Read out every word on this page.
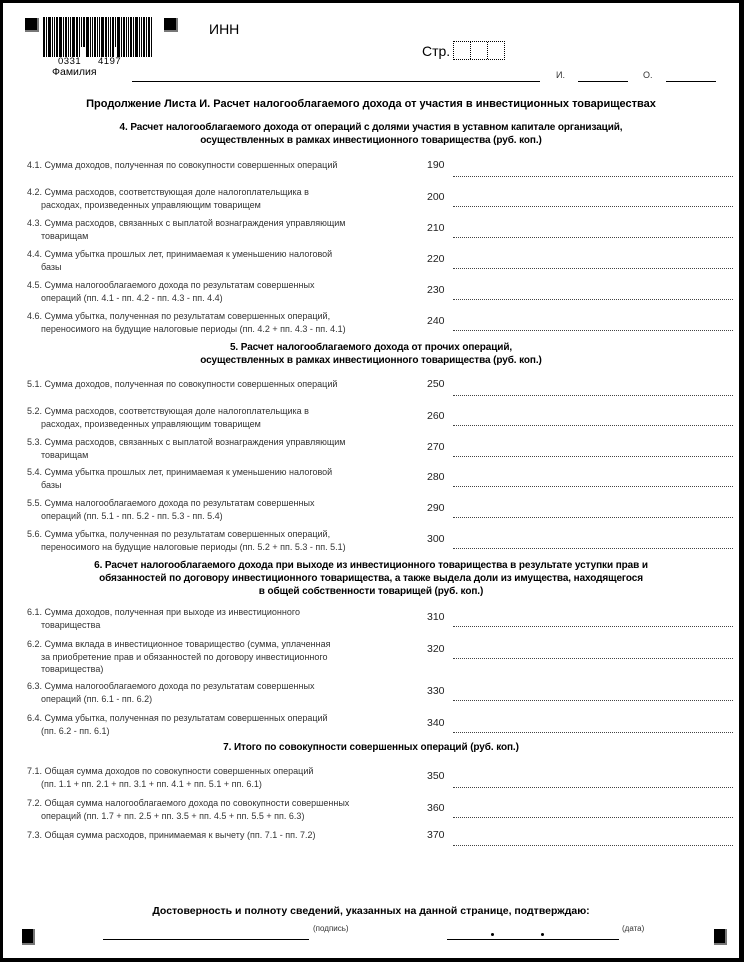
0331 4197
ИНН
Стр.
Фамилия	И.	О.
Продолжение Листа И. Расчет налогооблагаемого дохода от участия в инвестиционных товариществах
4. Расчет налогооблагаемого дохода от операций с долями участия в уставном капитале организаций,
осуществленных в рамках инвестиционного товарищества (руб. коп.)
4.1. Сумма доходов, полученная по совокупности совершенных операций	190
4.2. Сумма расходов, соответствующая доле налогоплательщика в
расходах, произведенных управляющим товарищем
200
4.3. Сумма расходов, связанных с выплатой вознаграждения управляющим
товарищам
210
4.4. Сумма убытка прошлых лет, принимаемая к уменьшению налоговой
базы
220
4.5. Сумма налогооблагаемого дохода по результатам совершенных
операций (пп. 4.1 - пп. 4.2 - пп. 4.3 - пп. 4.4)
230
4.6. Сумма убытка, полученная по результатам совершенных операций,
переносимого на будущие налоговые периоды (пп. 4.2 + пп. 4.3 - пп. 4.1)
240
5. Расчет налогооблагаемого дохода от прочих операций,
осуществленных в рамках инвестиционного товарищества (руб. коп.)
5.1. Сумма доходов, полученная по совокупности совершенных операций	250
5.2. Сумма расходов, соответствующая доле налогоплательщика в
расходах, произведенных управляющим товарищем
260
5.3. Сумма расходов, связанных с выплатой вознаграждения управляющим
товарищам
270
5.4. Сумма убытка прошлых лет, принимаемая к уменьшению налоговой
базы
280
5.5. Сумма налогооблагаемого дохода по результатам совершенных
операций (пп. 5.1 - пп. 5.2 - пп. 5.3 - пп. 5.4)
290
5.6. Сумма убытка, полученная по результатам совершенных операций,
переносимого на будущие налоговые периоды (пп. 5.2 + пп. 5.3 - пп. 5.1)
300
6. Расчет налогооблагаемого дохода при выходе из инвестиционного товарищества в результате уступки прав и
обязанностей по договору инвестиционного товарищества, а также выдела доли из имущества, находящегося
в общей собственности товарищей (руб. коп.)
6.1. Сумма доходов, полученная при выходе из инвестиционного
товарищества
310
6.2. Сумма вклада в инвестиционное товарищество (сумма, уплаченная
за приобретение прав и обязанностей по договору инвестиционного
товарищества)
320
6.3. Сумма налогооблагаемого дохода по результатам совершенных
операций (пп. 6.1 - пп. 6.2)
330
6.4. Сумма убытка, полученная по результатам совершенных операций
(пп. 6.2 - пп. 6.1)
340
7. Итого по совокупности совершенных операций (руб. коп.)
7.1. Общая сумма доходов по совокупности совершенных операций
(пп. 1.1 + пп. 2.1 + пп. 3.1 + пп. 4.1 + пп. 5.1 + пп. 6.1)
350
7.2. Общая сумма налогооблагаемого дохода по совокупности совершенных
операций (пп. 1.7 + пп. 2.5 + пп. 3.5 + пп. 4.5 + пп. 5.5 + пп. 6.3)
360
7.3. Общая сумма расходов, принимаемая к вычету (пп. 7.1 - пп. 7.2)	370
Достоверность и полноту сведений, указанных на данной странице, подтверждаю:
(подпись)	(дата)
